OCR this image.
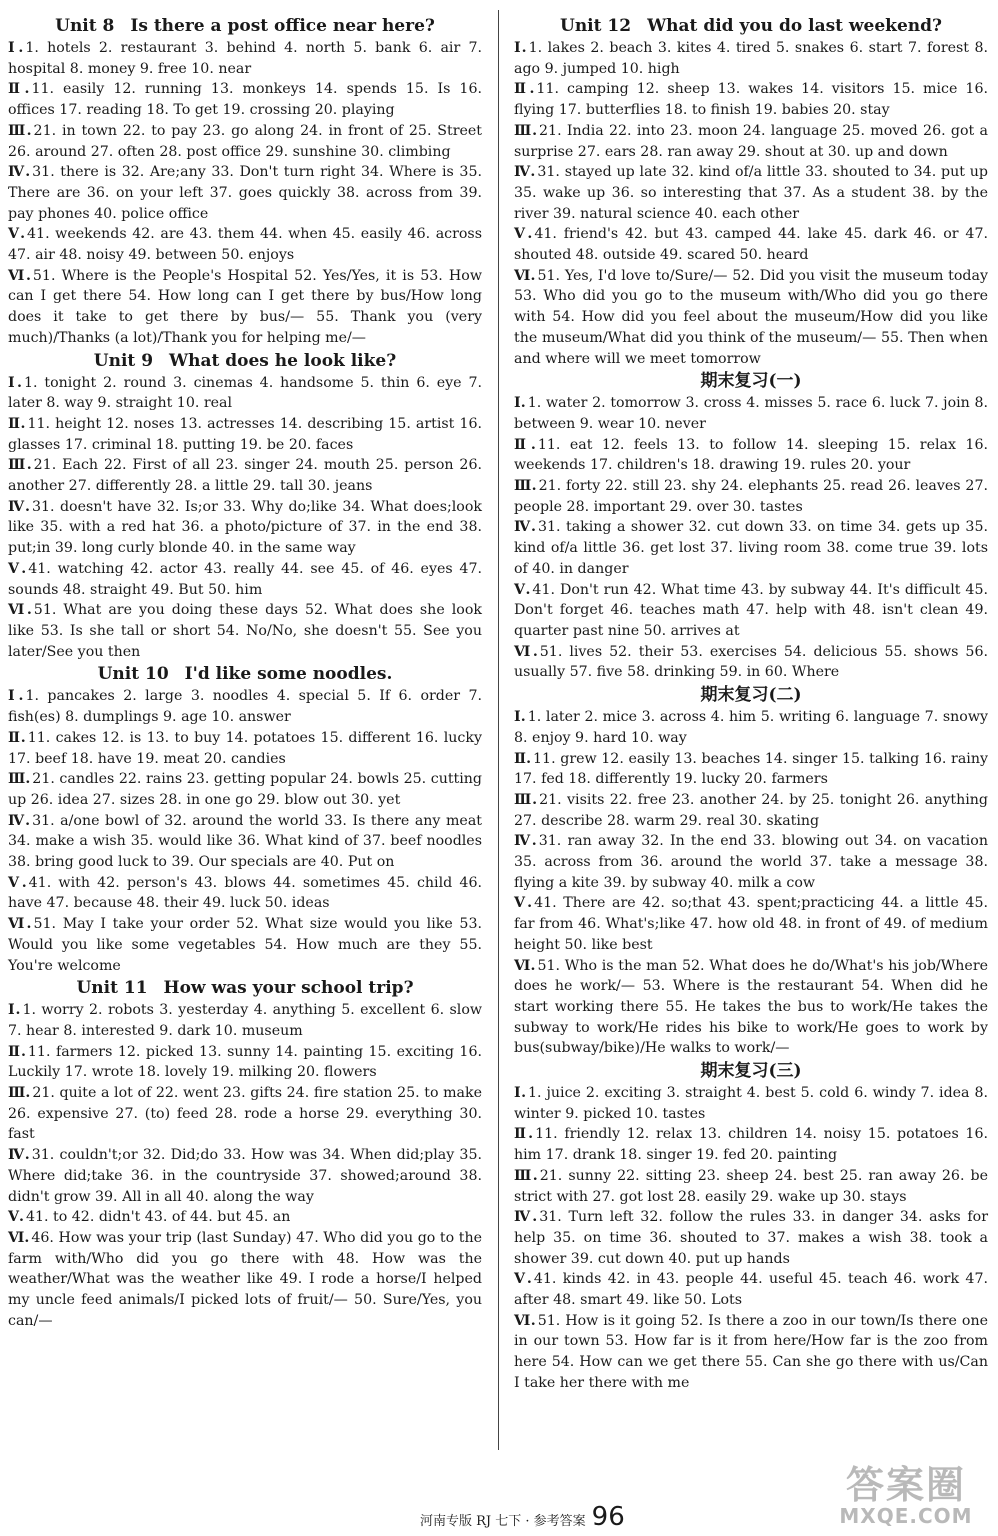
Unit 8 Is there a post office near here?
Ⅰ. 1. hotels 2. restaurant 3. behind 4. north 5. bank 6. air 7. hospital 8. money 9. free 10. near
Ⅱ. 11. easily 12. running 13. monkeys 14. spends 15. Is 16. offices 17. reading 18. To get 19. crossing 20. playing
Ⅲ. 21. in town 22. to pay 23. go along 24. in front of 25. Street 26. around 27. often 28. post office 29. sunshine 30. climbing
Ⅳ. 31. there is 32. Are;any 33. Don't turn right 34. Where is 35. There are 36. on your left 37. goes quickly 38. across from 39. pay phones 40. police office
Ⅴ. 41. weekends 42. are 43. them 44. when 45. easily 46. across 47. air 48. noisy 49. between 50. enjoys
Ⅵ. 51. Where is the People's Hospital 52. Yes/Yes, it is 53. How can I get there 54. How long can I get there by bus/How long does it take to get there by bus/— 55. Thank you (very much)/Thanks (a lot)/Thank you for helping me/—
Unit 9 What does he look like?
Ⅰ. 1. tonight 2. round 3. cinemas 4. handsome 5. thin 6. eye 7. later 8. way 9. straight 10. real
Ⅱ. 11. height 12. noses 13. actresses 14. describing 15. artist 16. glasses 17. criminal 18. putting 19. be 20. faces
Ⅲ. 21. Each 22. First of all 23. singer 24. mouth 25. person 26. another 27. differently 28. a little 29. tall 30. jeans
Ⅳ. 31. doesn't have 32. Is;or 33. Why do;like 34. What does;look like 35. with a red hat 36. a photo/picture of 37. in the end 38. put;in 39. long curly blonde 40. in the same way
Ⅴ. 41. watching 42. actor 43. really 44. see 45. of 46. eyes 47. sounds 48. straight 49. But 50. him
Ⅵ. 51. What are you doing these days 52. What does she look like 53. Is she tall or short 54. No/No, she doesn't 55. See you later/See you then
Unit 10 I'd like some noodles.
Ⅰ. 1. pancakes 2. large 3. noodles 4. special 5. If 6. order 7. fish(es) 8. dumplings 9. age 10. answer
Ⅱ. 11. cakes 12. is 13. to buy 14. potatoes 15. different 16. lucky 17. beef 18. have 19. meat 20. candies
Ⅲ. 21. candles 22. rains 23. getting popular 24. bowls 25. cutting up 26. idea 27. sizes 28. in one go 29. blow out 30. yet
Ⅳ. 31. a/one bowl of 32. around the world 33. Is there any meat 34. make a wish 35. would like 36. What kind of 37. beef noodles 38. bring good luck to 39. Our specials are 40. Put on
Ⅴ. 41. with 42. person's 43. blows 44. sometimes 45. child 46. have 47. because 48. their 49. luck 50. ideas
Ⅵ. 51. May I take your order 52. What size would you like 53. Would you like some vegetables 54. How much are they 55. You're welcome
Unit 11 How was your school trip?
Ⅰ. 1. worry 2. robots 3. yesterday 4. anything 5. excellent 6. slow 7. hear 8. interested 9. dark 10. museum
Ⅱ. 11. farmers 12. picked 13. sunny 14. painting 15. exciting 16. Luckily 17. wrote 18. lovely 19. milking 20. flowers
Ⅲ. 21. quite a lot of 22. went 23. gifts 24. fire station 25. to make 26. expensive 27. (to) feed 28. rode a horse 29. everything 30. fast
Ⅳ. 31. couldn't;or 32. Did;do 33. How was 34. When did;play 35. Where did;take 36. in the countryside 37. showed;around 38. didn't grow 39. All in all 40. along the way
Ⅴ. 41. to 42. didn't 43. of 44. but 45. an
Ⅵ. 46. How was your trip (last Sunday) 47. Who did you go to the farm with/Who did you go there with 48. How was the weather/What was the weather like 49. I rode a horse/I helped my uncle feed animals/I picked lots of fruit/— 50. Sure/Yes, you can/—
Unit 12 What did you do last weekend?
Ⅰ. 1. lakes 2. beach 3. kites 4. tired 5. snakes 6. start 7. forest 8. ago 9. jumped 10. high
Ⅱ. 11. camping 12. sheep 13. wakes 14. visitors 15. mice 16. flying 17. butterflies 18. to finish 19. babies 20. stay
Ⅲ. 21. India 22. into 23. moon 24. language 25. moved 26. got a surprise 27. ears 28. ran away 29. shout at 30. up and down
Ⅳ. 31. stayed up late 32. kind of/a little 33. shouted to 34. put up 35. wake up 36. so interesting that 37. As a student 38. by the river 39. natural science 40. each other
Ⅴ. 41. friend's 42. but 43. camped 44. lake 45. dark 46. or 47. shouted 48. outside 49. scared 50. heard
Ⅵ. 51. Yes, I'd love to/Sure/— 52. Did you visit the museum today 53. Who did you go to the museum with/Who did you go there with 54. How did you feel about the museum/How did you like the museum/What did you think of the museum/— 55. Then when and where will we meet tomorrow
期末复习(一)
Ⅰ. 1. water 2. tomorrow 3. cross 4. misses 5. race 6. luck 7. join 8. between 9. wear 10. never
Ⅱ. 11. eat 12. feels 13. to follow 14. sleeping 15. relax 16. weekends 17. children's 18. drawing 19. rules 20. your
Ⅲ. 21. forty 22. still 23. shy 24. elephants 25. read 26. leaves 27. people 28. important 29. over 30. tastes
Ⅳ. 31. taking a shower 32. cut down 33. on time 34. gets up 35. kind of/a little 36. get lost 37. living room 38. come true 39. lots of 40. in danger
Ⅴ. 41. Don't run 42. What time 43. by subway 44. It's difficult 45. Don't forget 46. teaches math 47. help with 48. isn't clean 49. quarter past nine 50. arrives at
Ⅵ. 51. lives 52. their 53. exercises 54. delicious 55. shows 56. usually 57. five 58. drinking 59. in 60. Where
期末复习(二)
Ⅰ. 1. later 2. mice 3. across 4. him 5. writing 6. language 7. snowy 8. enjoy 9. hard 10. way
Ⅱ. 11. grew 12. easily 13. beaches 14. singer 15. talking 16. rainy 17. fed 18. differently 19. lucky 20. farmers
Ⅲ. 21. visits 22. free 23. another 24. by 25. tonight 26. anything 27. describe 28. warm 29. real 30. skating
Ⅳ. 31. ran away 32. In the end 33. blowing out 34. on vacation 35. across from 36. around the world 37. take a message 38. flying a kite 39. by subway 40. milk a cow
Ⅴ. 41. There are 42. so;that 43. spent;practicing 44. a little 45. far from 46. What's;like 47. how old 48. in front of 49. of medium height 50. like best
Ⅵ. 51. Who is the man 52. What does he do/What's his job/Where does he work/— 53. Where is the restaurant 54. When did he start working there 55. He takes the bus to work/He takes the subway to work/He rides his bike to work/He goes to work by bus(subway/bike)/He walks to work/—
期末复习(三)
Ⅰ. 1. juice 2. exciting 3. straight 4. best 5. cold 6. windy 7. idea 8. winter 9. picked 10. tastes
Ⅱ. 11. friendly 12. relax 13. children 14. noisy 15. potatoes 16. him 17. drank 18. singer 19. fed 20. painting
Ⅲ. 21. sunny 22. sitting 23. sheep 24. best 25. ran away 26. be strict with 27. got lost 28. easily 29. wake up 30. stays
Ⅳ. 31. Turn left 32. follow the rules 33. in danger 34. asks for help 35. on time 36. shouted to 37. makes a wish 38. took a shower 39. cut down 40. put up hands
Ⅴ. 41. kinds 42. in 43. people 44. useful 45. teach 46. work 47. after 48. smart 49. like 50. Lots
Ⅵ. 51. How is it going 52. Is there a zoo in our town/Is there one in our town 53. How far is it from here/How far is the zoo from here 54. How can we get there 55. Can she go there with us/Can I take her there with me
河南专版 RJ 七下 · 参考答案 96
答案圈
MXQE.COM
